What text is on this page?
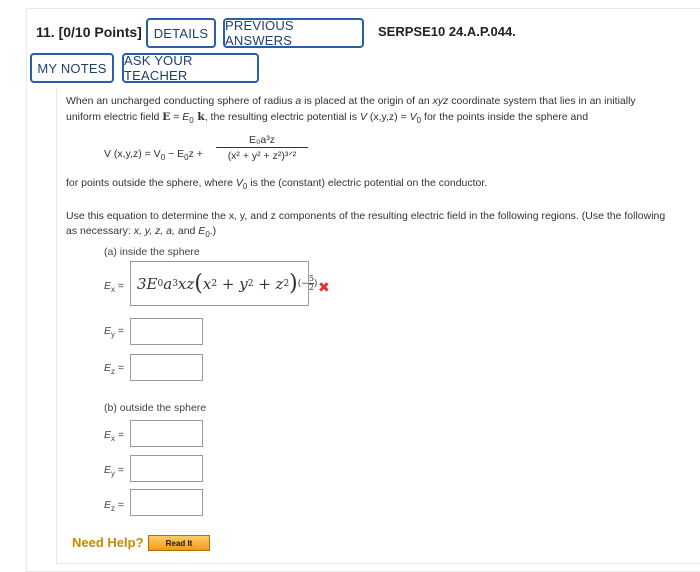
11. [0/10 Points] DETAILS	PREVIOUS ANSWERS
SERPSE10 24.A.P.044.
MY NOTES	ASK YOUR TEACHER
When an uncharged conducting sphere of radius a is placed at the origin of an xyz coordinate system that lies in an initially
uniform electric field $E = E_0$ k, the resulting electric potential is V $(x,y,z) = V_0$ for the points inside the sphere and
V $(x,y,z) = V_0 - E_0z$ +
E₀a³z
(x² + y² + z²)³ᐟ²
for points outside the sphere, where $V_0$ is the (constant) electric potential on the conductor.
Use this equation to determine the x, y, and z components of the resulting electric field in the following regions. (Use the following
as necessary: x, y, z, a, and $E_0$.)
(a) inside the sphere
$E_x = 3E$ 0 a 3 xz ( x 2 + y 2 + z 2 ) (− $\frac{5}{2}$ ) ✖
$E_y$ =
$E_z$ =
(b) outside the sphere
$E_x$ =
$E_y$ =
$E_z$ =
Need Help?	Read It
